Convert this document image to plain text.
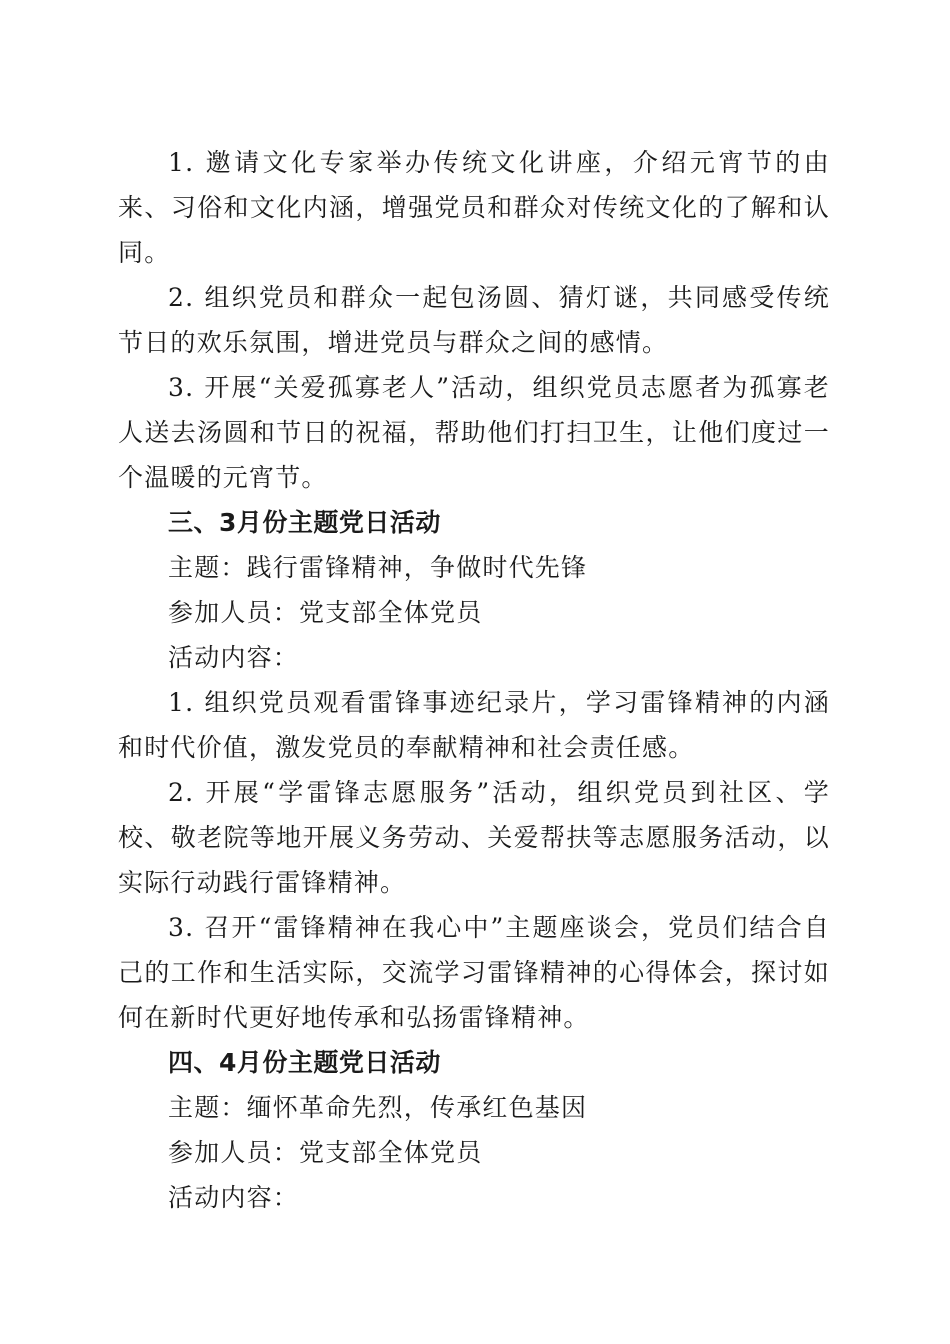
1. 邀请文化专家举办传统文化讲座，介绍元宵节的由来、习俗和文化内涵，增强党员和群众对传统文化的了解和认同。

2. 组织党员和群众一起包汤圆、猜灯谜，共同感受传统节日的欢乐氛围，增进党员与群众之间的感情。

3. 开展“关爱孤寡老人”活动，组织党员志愿者为孤寡老人送去汤圆和节日的祝福，帮助他们打扫卫生，让他们度过一个温暖的元宵节。

三、3月份主题党日活动

主题：践行雷锋精神，争做时代先锋

参加人员：党支部全体党员

活动内容：

1. 组织党员观看雷锋事迹纪录片，学习雷锋精神的内涵和时代价值，激发党员的奉献精神和社会责任感。

2. 开展“学雷锋志愿服务”活动，组织党员到社区、学校、敬老院等地开展义务劳动、关爱帮扶等志愿服务活动，以实际行动践行雷锋精神。

3. 召开“雷锋精神在我心中”主题座谈会，党员们结合自己的工作和生活实际，交流学习雷锋精神的心得体会，探讨如何在新时代更好地传承和弘扬雷锋精神。

四、4月份主题党日活动

主题：缅怀革命先烈，传承红色基因

参加人员：党支部全体党员

活动内容：
